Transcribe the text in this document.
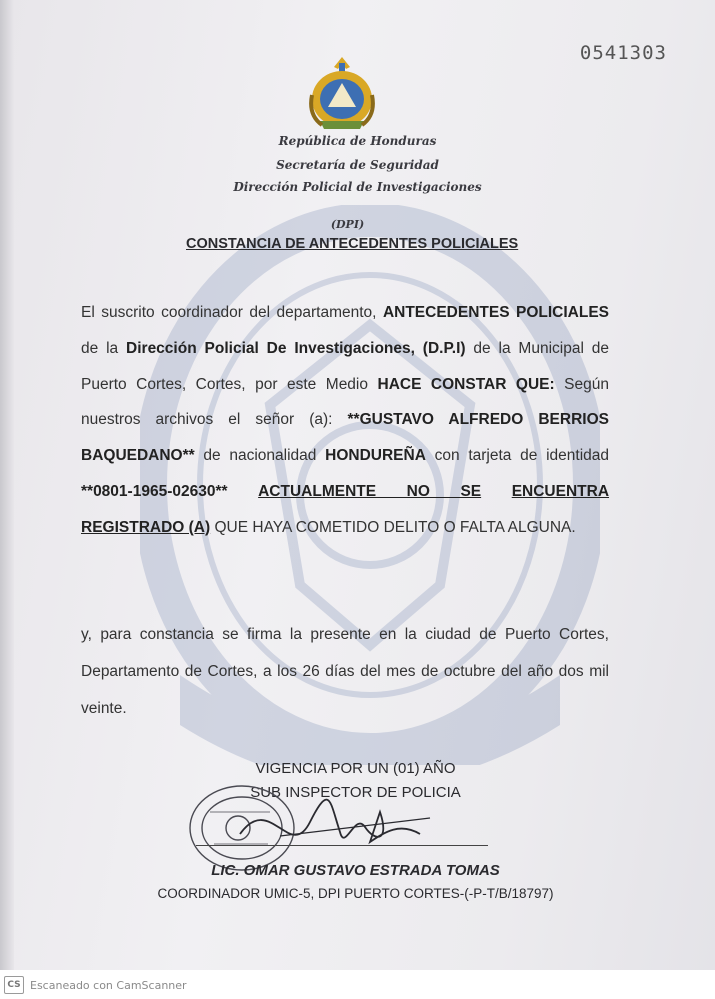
0541303

República de Honduras

Secretaría de Seguridad

Dirección Policial de Investigaciones

(DPI)

CONSTANCIA DE ANTECEDENTES POLICIALES
El suscrito coordinador del departamento, ANTECEDENTES POLICIALES de la Dirección Policial De Investigaciones, (D.P.I) de la Municipal de Puerto Cortes, Cortes, por este Medio HACE CONSTAR QUE: Según nuestros archivos el señor (a): **GUSTAVO ALFREDO BERRIOS BAQUEDANO** de nacionalidad HONDUREÑA con tarjeta de identidad **0801-1965-02630** ACTUALMENTE NO SE ENCUENTRA REGISTRADO (A) QUE HAYA COMETIDO DELITO O FALTA ALGUNA.
y, para constancia se firma la presente en la ciudad de Puerto Cortes, Departamento de Cortes, a los 26 días del mes de octubre del año dos mil veinte.
VIGENCIA POR UN (01) AÑO
SUB INSPECTOR DE POLICIA
LIC. OMAR GUSTAVO ESTRADA TOMAS
COORDINADOR UMIC-5, DPI PUERTO CORTES-(-P-T/B/18797)
CS Escaneado con CamScanner
